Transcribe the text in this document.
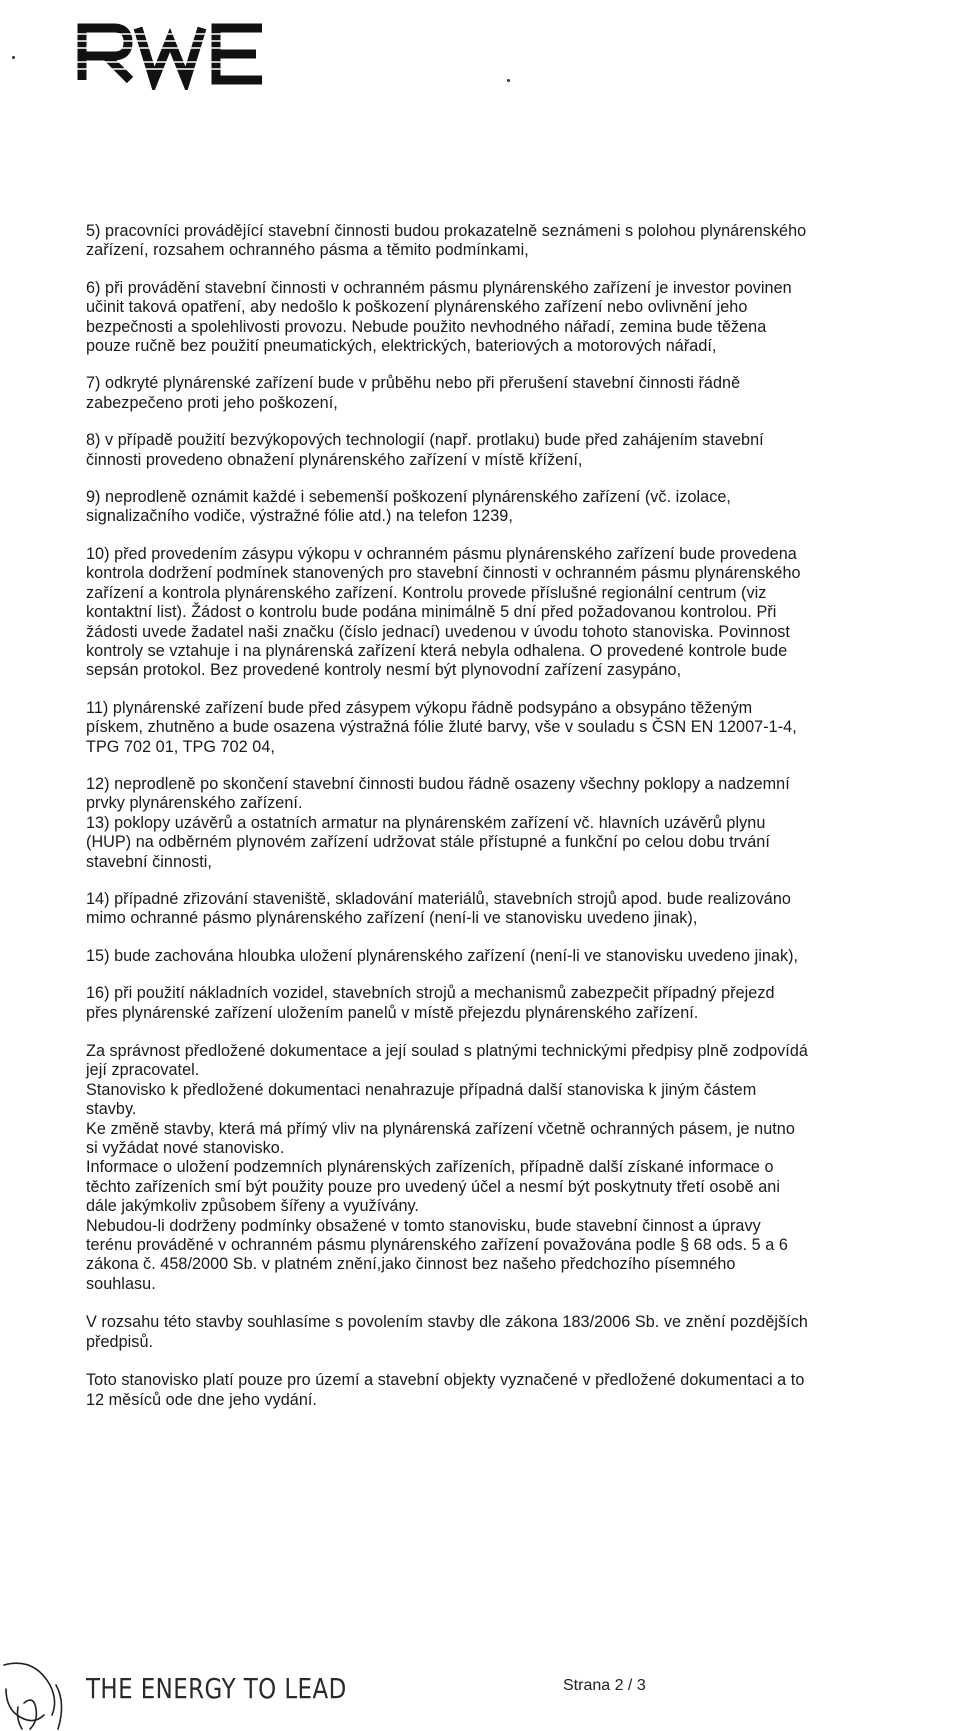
5) pracovníci provádějící stavební činnosti budou prokazatelně seznámeni s polohou plynárenského
zařízení, rozsahem ochranného pásma a těmito podmínkami,

6) při provádění stavební činnosti v ochranném pásmu plynárenského zařízení je investor povinen
učinit taková opatření, aby nedošlo k poškození plynárenského zařízení nebo ovlivnění jeho
bezpečnosti a spolehlivosti provozu. Nebude použito nevhodného nářadí, zemina bude těžena
pouze ručně bez použití pneumatických, elektrických, bateriových a motorových nářadí,

7) odkryté plynárenské zařízení bude v průběhu nebo při přerušení stavební činnosti řádně
zabezpečeno proti jeho poškození,

8) v případě použití bezvýkopových technologií (např. protlaku) bude před zahájením stavební
činnosti provedeno obnažení plynárenského zařízení v místě křížení,

9) neprodleně oznámit každé i sebemenší poškození plynárenského zařízení (vč. izolace,
signalizačního vodiče, výstražné fólie atd.) na telefon 1239,

10) před provedením zásypu výkopu v ochranném pásmu plynárenského zařízení bude provedena
kontrola dodržení podmínek stanovených pro stavební činnosti v ochranném pásmu plynárenského
zařízení a kontrola plynárenského zařízení. Kontrolu provede příslušné regionální centrum (viz
kontaktní list). Žádost o kontrolu bude podána minimálně 5 dní před požadovanou kontrolou. Při
žádosti uvede žadatel naši značku (číslo jednací) uvedenou v úvodu tohoto stanoviska. Povinnost
kontroly se vztahuje i na plynárenská zařízení která nebyla odhalena. O provedené kontrole bude
sepsán protokol. Bez provedené kontroly nesmí být plynovodní zařízení zasypáno,

11) plynárenské zařízení bude před zásypem výkopu řádně podsypáno a obsypáno těženým
pískem, zhutněno a bude osazena výstražná fólie žluté barvy, vše v souladu s ČSN EN 12007-1-4,
TPG 702 01, TPG 702 04,

12) neprodleně po skončení stavební činnosti budou řádně osazeny všechny poklopy a nadzemní
prvky plynárenského zařízení.

13) poklopy uzávěrů a ostatních armatur na plynárenském zařízení vč. hlavních uzávěrů plynu
(HUP) na odběrném plynovém zařízení udržovat stále přístupné a funkční po celou dobu trvání
stavební činnosti,

14) případné zřizování staveniště, skladování materiálů, stavebních strojů apod. bude realizováno
mimo ochranné pásmo plynárenského zařízení (není-li ve stanovisku uvedeno jinak),

15) bude zachována hloubka uložení plynárenského zařízení (není-li ve stanovisku uvedeno jinak),

16) při použití nákladních vozidel, stavebních strojů a mechanismů zabezpečit případný přejezd
přes plynárenské zařízení uložením panelů v místě přejezdu plynárenského zařízení.

Za správnost předložené dokumentace a její soulad s platnými technickými předpisy plně zodpovídá
její zpracovatel.

Stanovisko k předložené dokumentaci nenahrazuje případná další stanoviska k jiným částem
stavby.

Ke změně stavby, která má přímý vliv na plynárenská zařízení včetně ochranných pásem, je nutno
si vyžádat nové stanovisko.

Informace o uložení podzemních plynárenských zařízeních, případně další získané informace o
těchto zařízeních smí být použity pouze pro uvedený účel a nesmí být poskytnuty třetí osobě ani
dále jakýmkoliv způsobem šířeny a využívány.

Nebudou-li dodrženy podmínky obsažené v tomto stanovisku, bude stavební činnost a úpravy
terénu prováděné v ochranném pásmu plynárenského zařízení považována podle § 68 ods. 5 a 6
zákona č. 458/2000 Sb. v platném znění,jako činnost bez našeho předchozího písemného
souhlasu.

V rozsahu této stavby souhlasíme s povolením stavby dle zákona 183/2006 Sb. ve znění pozdějších
předpisů.

Toto stanovisko platí pouze pro území a stavební objekty vyznačené v předložené dokumentaci a to
12 měsíců ode dne jeho vydání.

THE ENERGY TO LEAD	Strana 2 / 3
